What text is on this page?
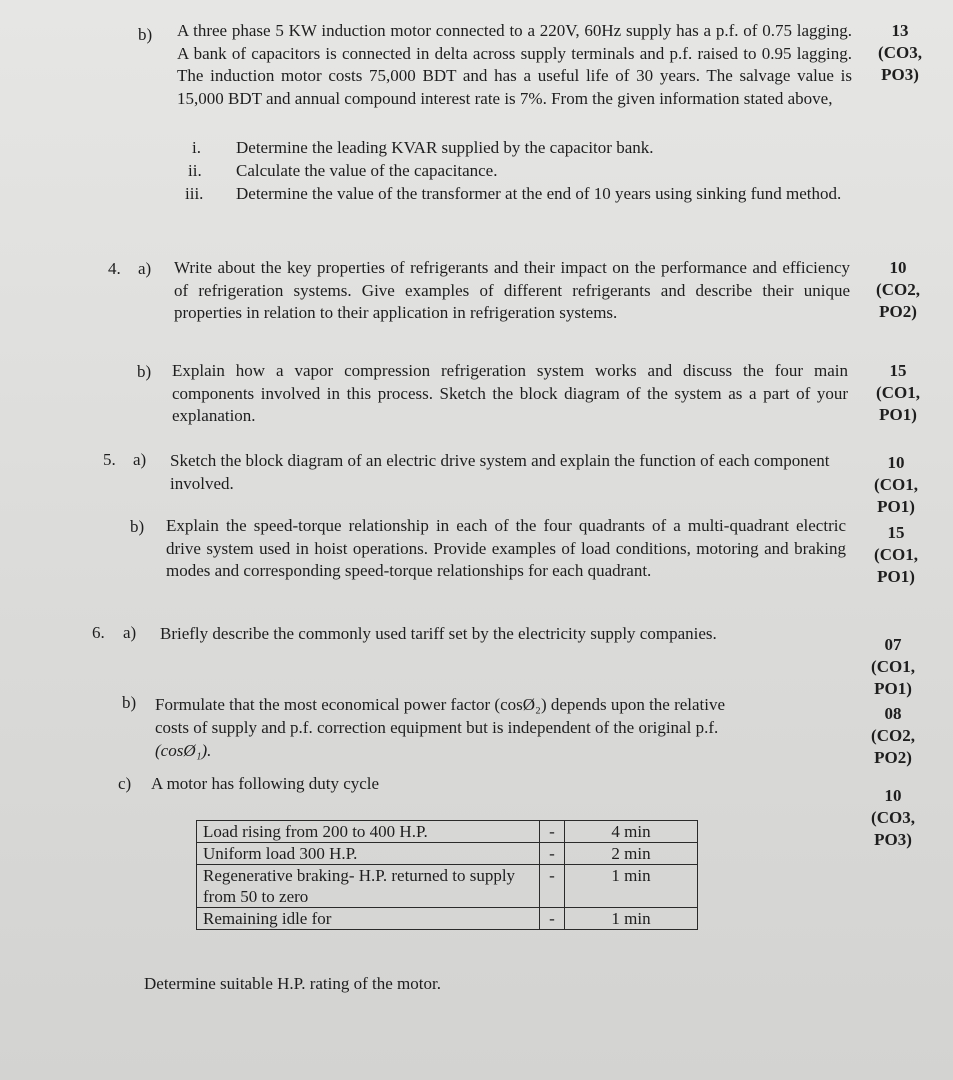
b) A three phase 5 KW induction motor connected to a 220V, 60Hz supply has a p.f. of 0.75 lagging. A bank of capacitors is connected in delta across supply terminals and p.f. raised to 0.95 lagging. The induction motor costs 75,000 BDT and has a useful life of 30 years. The salvage value is 15,000 BDT and annual compound interest rate is 7%. From the given information stated above,
i. Determine the leading KVAR supplied by the capacitor bank.
ii. Calculate the value of the capacitance.
iii. Determine the value of the transformer at the end of 10 years using sinking fund method.
13
(CO3,
PO3)
4. a) Write about the key properties of refrigerants and their impact on the performance and efficiency of refrigeration systems. Give examples of different refrigerants and describe their unique properties in relation to their application in refrigeration systems.
10
(CO2,
PO2)
b) Explain how a vapor compression refrigeration system works and discuss the four main components involved in this process. Sketch the block diagram of the system as a part of your explanation.
15
(CO1,
PO1)
5. a) Sketch the block diagram of an electric drive system and explain the function of each component involved.
10
(CO1,
PO1)
b) Explain the speed-torque relationship in each of the four quadrants of a multi-quadrant electric drive system used in hoist operations. Provide examples of load conditions, motoring and braking modes and corresponding speed-torque relationships for each quadrant.
15
(CO1,
PO1)
6. a) Briefly describe the commonly used tariff set by the electricity supply companies.
07
(CO1,
PO1)
b) Formulate that the most economical power factor (cosØ₂) depends upon the relative
costs of supply and p.f. correction equipment but is independent of the original p.f.
(cosØ₁).
08
(CO2,
PO2)
c) A motor has following duty cycle
10
(CO3,
PO3)
Load rising from 200 to 400 H.P.	-	4 min
Uniform load 300 H.P.	-	2 min
Regenerative braking- H.P. returned to supply from 50 to zero	-	1 min
Remaining idle for	-	1 min
Determine suitable H.P. rating of the motor.
